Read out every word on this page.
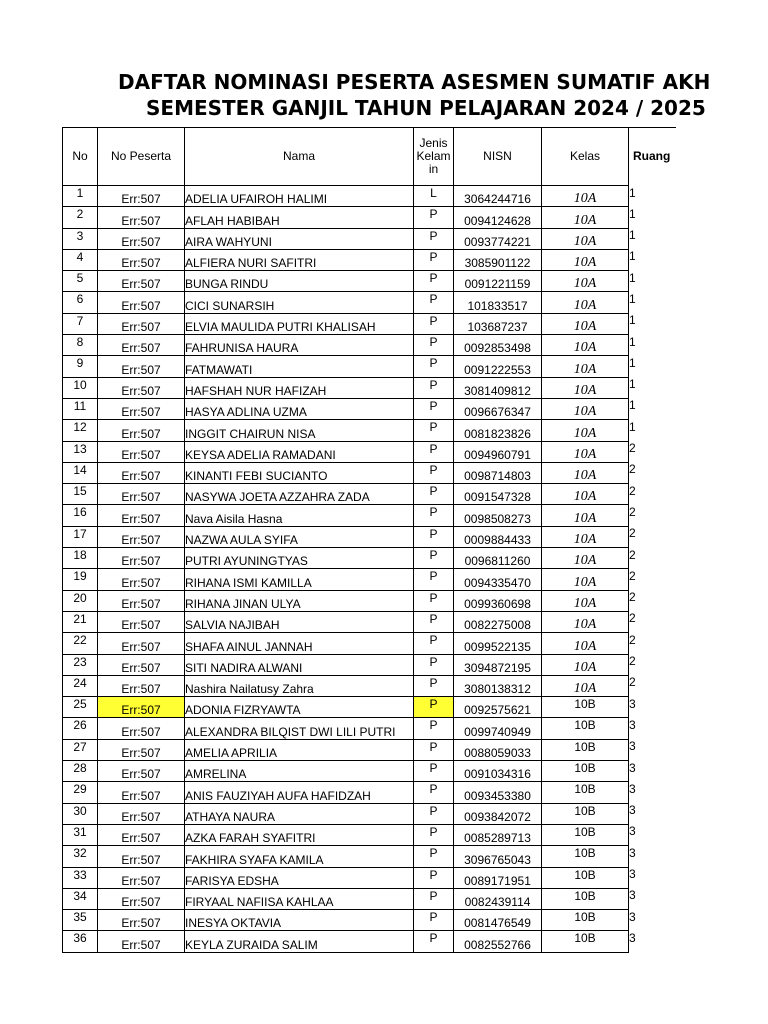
DAFTAR NOMINASI PESERTA ASESMEN SUMATIF AKH
SEMESTER GANJIL TAHUN PELAJARAN 2024 / 2025
No	No Peserta	Nama	Jenis Kelam in	NISN	Kelas	Ruang
1	Err:507	ADELIA UFAIROH HALIMI	L	3064244716	10A	1
2	Err:507	AFLAH HABIBAH	P	0094124628	10A	1
3	Err:507	AIRA WAHYUNI	P	0093774221	10A	1
4	Err:507	ALFIERA NURI SAFITRI	P	3085901122	10A	1
5	Err:507	BUNGA RINDU	P	0091221159	10A	1
6	Err:507	CICI SUNARSIH	P	101833517	10A	1
7	Err:507	ELVIA MAULIDA PUTRI KHALISAH	P	103687237	10A	1
8	Err:507	FAHRUNISA HAURA	P	0092853498	10A	1
9	Err:507	FATMAWATI	P	0091222553	10A	1
10	Err:507	HAFSHAH NUR HAFIZAH	P	3081409812	10A	1
11	Err:507	HASYA ADLINA UZMA	P	0096676347	10A	1
12	Err:507	INGGIT CHAIRUN NISA	P	0081823826	10A	1
13	Err:507	KEYSA ADELIA RAMADANI	P	0094960791	10A	2
14	Err:507	KINANTI FEBI SUCIANTO	P	0098714803	10A	2
15	Err:507	NASYWA JOETA AZZAHRA ZADA	P	0091547328	10A	2
16	Err:507	Nava Aisila Hasna	P	0098508273	10A	2
17	Err:507	NAZWA AULA SYIFA	P	0009884433	10A	2
18	Err:507	PUTRI AYUNINGTYAS	P	0096811260	10A	2
19	Err:507	RIHANA ISMI KAMILLA	P	0094335470	10A	2
20	Err:507	RIHANA JINAN ULYA	P	0099360698	10A	2
21	Err:507	SALVIA NAJIBAH	P	0082275008	10A	2
22	Err:507	SHAFA AINUL JANNAH	P	0099522135	10A	2
23	Err:507	SITI NADIRA ALWANI	P	3094872195	10A	2
24	Err:507	Nashira Nailatusy Zahra	P	3080138312	10A	2
25	Err:507	ADONIA FIZRYAWTA	P	0092575621	10B	3
26	Err:507	ALEXANDRA BILQIST DWI LILI PUTRI	P	0099740949	10B	3
27	Err:507	AMELIA APRILIA	P	0088059033	10B	3
28	Err:507	AMRELINA	P	0091034316	10B	3
29	Err:507	ANIS FAUZIYAH AUFA HAFIDZAH	P	0093453380	10B	3
30	Err:507	ATHAYA NAURA	P	0093842072	10B	3
31	Err:507	AZKA FARAH SYAFITRI	P	0085289713	10B	3
32	Err:507	FAKHIRA SYAFA KAMILA	P	3096765043	10B	3
33	Err:507	FARISYA EDSHA	P	0089171951	10B	3
34	Err:507	FIRYAAL NAFIISA KAHLAA	P	0082439114	10B	3
35	Err:507	INESYA OKTAVIA	P	0081476549	10B	3
36	Err:507	KEYLA ZURAIDA SALIM	P	0082552766	10B	3
